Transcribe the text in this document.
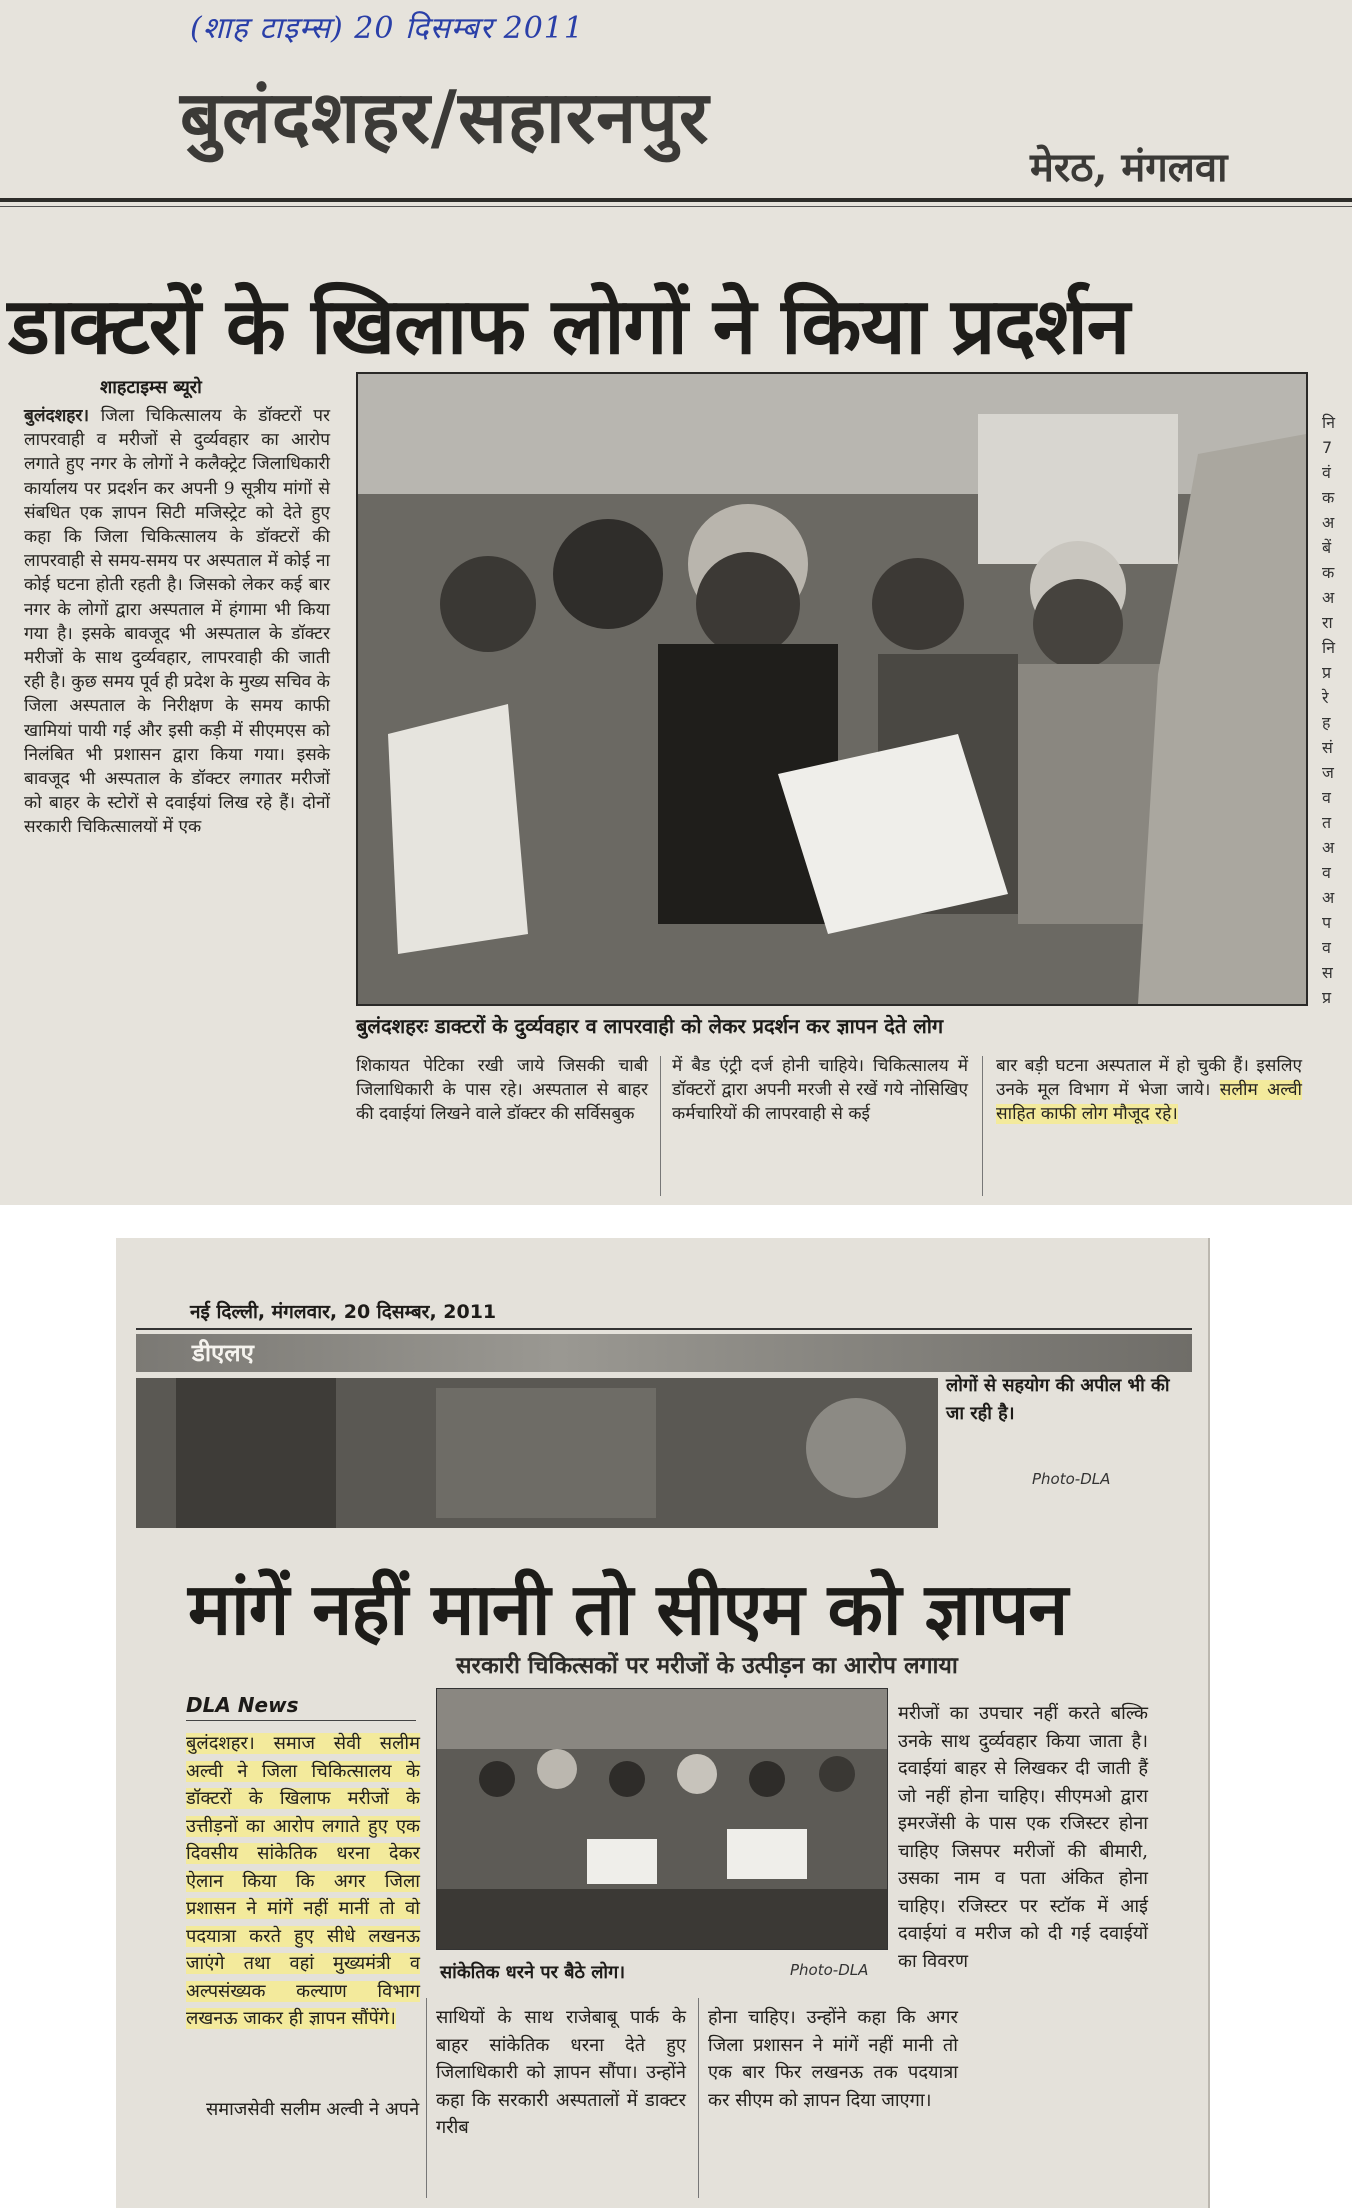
(शाह टाइम्स) 20 दिसम्बर 2011
बुलंदशहर/सहारनपुर
मेरठ, मंगलवा
डाक्टरों के खिलाफ लोगों ने किया प्रदर्शन
शाहटाइम्स ब्यूरो
बुलंदशहर। जिला चिकित्सालय के डॉक्टरों पर लापरवाही व मरीजों से दुर्व्यवहार का आरोप लगाते हुए नगर के लोगों ने कलैक्ट्रेट जिलाधिकारी कार्यालय पर प्रदर्शन कर अपनी 9 सूत्रीय मांगों से संबधित एक ज्ञापन सिटी मजिस्ट्रेट को देते हुए कहा कि जिला चिकित्सालय के डॉक्टरों की लापरवाही से समय-समय पर अस्पताल में कोई ना कोई घटना होती रहती है। जिसको लेकर कई बार नगर के लोगों द्वारा अस्पताल में हंगामा भी किया गया है। इसके बावजूद भी अस्पताल के डॉक्टर मरीजों के साथ दुर्व्यवहार, लापरवाही की जाती रही है। कुछ समय पूर्व ही प्रदेश के मुख्य सचिव के जिला अस्पताल के निरीक्षण के समय काफी खामियां पायी गई और इसी कड़ी में सीएमएस को निलंबित भी प्रशासन द्वारा किया गया। इसके बावजूद भी अस्पताल के डॉक्टर लगातर मरीजों को बाहर के स्टोरों से दवाईयां लिख रहे हैं। दोनों सरकारी चिकित्सालयों में एक
बुलंदशहरः डाक्टरों के दुर्व्यवहार व लापरवाही को लेकर प्रदर्शन कर ज्ञापन देते लोग
शिकायत पेटिका रखी जाये जिसकी चाबी जिलाधिकारी के पास रहे। अस्पताल से बाहर की दवाईयां लिखने वाले डॉक्टर की सर्विसबुक
में बैड एंट्री दर्ज होनी चाहिये। चिकित्सालय में डॉक्टरों द्वारा अपनी मरजी से रखें गये नोसिखिए कर्मचारियों की लापरवाही से कई
बार बड़ी घटना अस्पताल में हो चुकी हैं। इसलिए उनके मूल विभाग में भेजा जाये। सलीम अल्वी साहित काफी लोग मौजूद रहे।
नि
7
वं
क
अ
बें
क
अ
रा
नि
प्र
रे
ह
सं
ज
व
त
अ
व
अ
प
व
स
प्र
नई दिल्ली, मंगलवार, 20 दिसम्बर, 2011
डीएलए
लोगों से सहयोग की अपील भी की जा रही है।
Photo-DLA
मांगें नहीं मानी तो सीएम को ज्ञापन
सरकारी चिकित्सकों पर मरीजों के उत्पीड़न का आरोप लगाया
DLA News
बुलंदशहर। समाज सेवी सलीम अल्वी ने जिला चिकित्सालय के डॉक्टरों के खिलाफ मरीजों के उत्तीड़नों का आरोप लगाते हुए एक दिवसीय सांकेतिक धरना देकर ऐलान किया कि अगर जिला प्रशासन ने मांगें नहीं मानीं तो वो पदयात्रा करते हुए सीधे लखनऊ जाएंगे तथा वहां मुख्यमंत्री व अल्पसंख्यक कल्याण विभाग लखनऊ जाकर ही ज्ञापन सौंपेंगे।
समाजसेवी सलीम अल्वी ने अपने
सांकेतिक धरने पर बैठे लोग।	Photo-DLA
मरीजों का उपचार नहीं करते बल्कि उनके साथ दुर्व्यवहार किया जाता है। दवाईयां बाहर से लिखकर दी जाती हैं जो नहीं होना चाहिए। सीएमओ द्वारा इमरजेंसी के पास एक रजिस्टर होना चाहिए जिसपर मरीजों की बीमारी, उसका नाम व पता अंकित होना चाहिए। रजिस्टर पर स्टॉक में आई दवाईयां व मरीज को दी गई दवाईयों का विवरण
साथियों के साथ राजेबाबू पार्क के बाहर सांकेतिक धरना देते हुए जिलाधिकारी को ज्ञापन सौंपा। उन्होंने कहा कि सरकारी अस्पतालों में डाक्टर गरीब
होना चाहिए। उन्होंने कहा कि अगर जिला प्रशासन ने मांगें नहीं मानी तो एक बार फिर लखनऊ तक पदयात्रा कर सीएम को ज्ञापन दिया जाएगा।
